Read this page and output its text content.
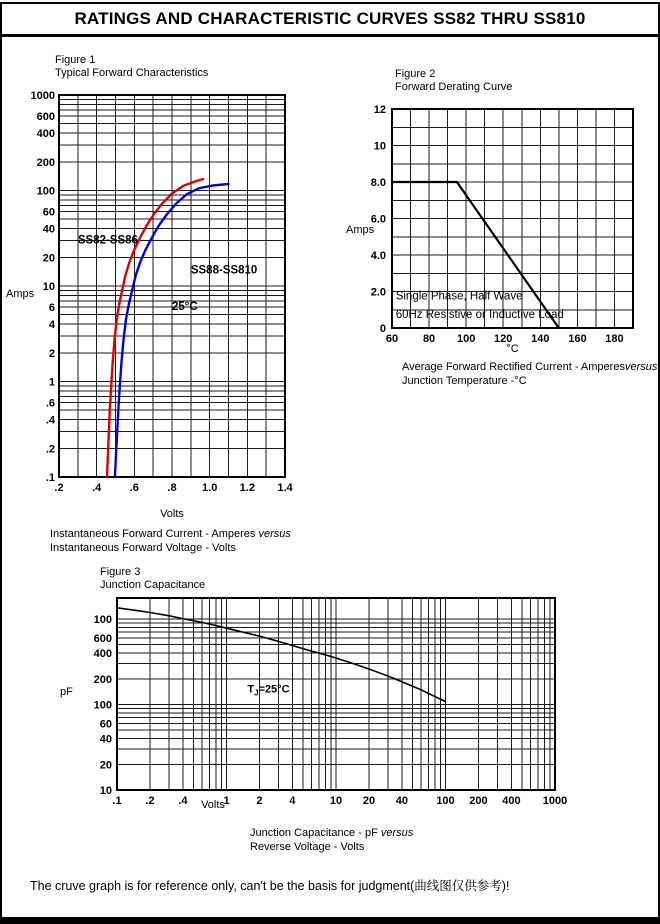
RATINGS AND CHARACTERISTIC CURVES SS82 THRU SS810
Figure 1
Typical Forward Characteristics
1000
600
400
200
100
60
40
20
10
6
4
2
1
.6
.4
.2
.1
.2	.4	.6	.8 1.0 1.2 1.4
SS82-SS86
SS88-SS810
25°C
Amps
Volts
Instantaneous Forward Current - Amperes versus
Instantaneous Forward Voltage - Volts
Figure 2
Forward Derating Curve
0
2.0
4.0
6.0
8.0
10
12
60 80 100 120 140 160 180
Single Phase, Half Wave
60Hz Resistive or Inductive Load
Amps
°C
Average Forward Rectified Current - Amperesversus
Junction Temperature -°C
Figure 3
Junction Capacitance
100
600
400
200
100
60
40
20
10
.1 .2 .4	1 2 4	10 20 40	100 200 400 1000
$T_J=25^\circ C$
pF
Volts
Junction Capacitance - pF versus
Reverse Voltage - Volts
The cruve graph is for reference only, can't be the basis for judgment(曲线图仅供参考)!
